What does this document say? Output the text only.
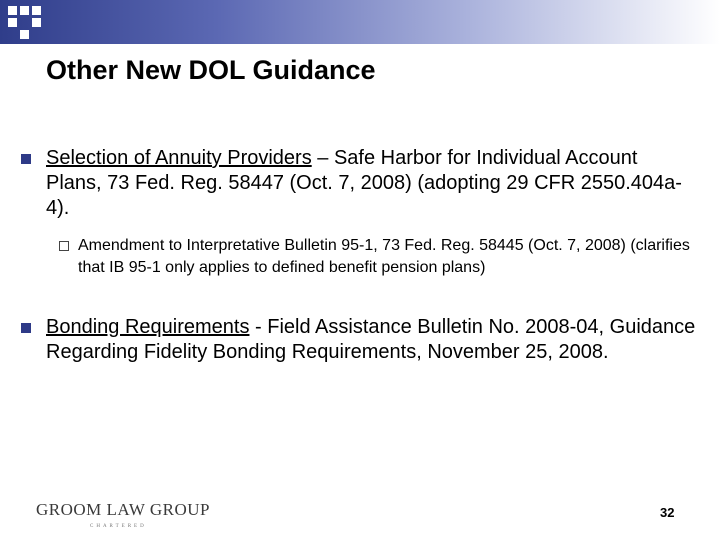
Other New DOL Guidance
Selection of Annuity Providers – Safe Harbor for Individual Account Plans, 73 Fed. Reg. 58447 (Oct. 7, 2008) (adopting 29 CFR 2550.404a-4).
Amendment to Interpretative Bulletin 95-1, 73 Fed. Reg. 58445 (Oct. 7, 2008) (clarifies that IB 95-1 only applies to defined benefit pension plans)
Bonding Requirements - Field Assistance Bulletin No. 2008-04, Guidance Regarding Fidelity Bonding Requirements, November 25, 2008.
GROOM LAW GROUP
CHARTERED
32
